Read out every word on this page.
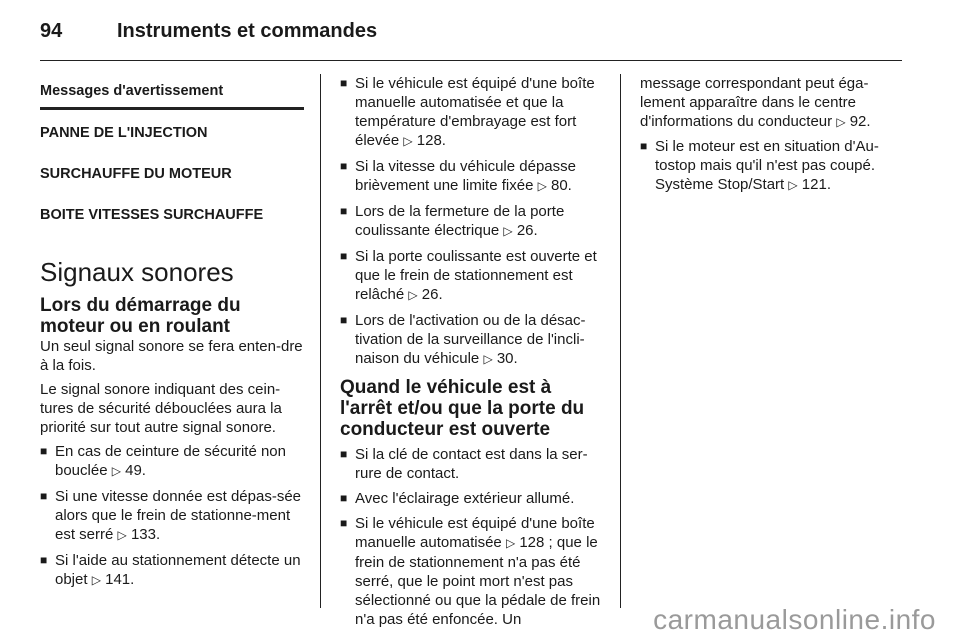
94	Instruments et commandes
Messages d'avertissement
PANNE DE L'INJECTION
SURCHAUFFE DU MOTEUR
BOITE VITESSES SURCHAUFFE
Signaux sonores
Lors du démarrage du moteur ou en roulant

Un seul signal sonore se fera enten-dre à la fois.

Le signal sonore indiquant des cein-tures de sécurité débouclées aura la priorité sur tout autre signal sonore.

■ En cas de ceinture de sécurité non bouclée ▷ 49.
■ Si une vitesse donnée est dépas-sée alors que le frein de stationne-ment est serré ▷ 133.
■ Si l'aide au stationnement détecte un objet ▷ 141.
■ Si le véhicule est équipé d'une boîte manuelle automatisée et que la température d'embrayage est fort élevée ▷ 128.
■ Si la vitesse du véhicule dépasse brièvement une limite fixée ▷ 80.
■ Lors de la fermeture de la porte coulissante électrique ▷ 26.
■ Si la porte coulissante est ouverte et que le frein de stationnement est relâché ▷ 26.
■ Lors de l'activation ou de la désac-tivation de la surveillance de l'incli-naison du véhicule ▷ 30.
Quand le véhicule est à l'arrêt et/ou que la porte du conducteur est ouverte
■ Si la clé de contact est dans la ser-rure de contact.
■ Avec l'éclairage extérieur allumé.
■ Si le véhicule est équipé d'une boîte manuelle automatisée ▷ 128 ; que le frein de stationnement n'a pas été serré, que le point mort n'est pas sélectionné ou que la pédale de frein n'a pas été enfoncée. Un

message correspondant peut éga-lement apparaître dans le centre d'informations du conducteur ▷ 92.

■ Si le moteur est en situation d'Au-tostop mais qu'il n'est pas coupé. Système Stop/Start ▷ 121.
carmanualsonline.info
